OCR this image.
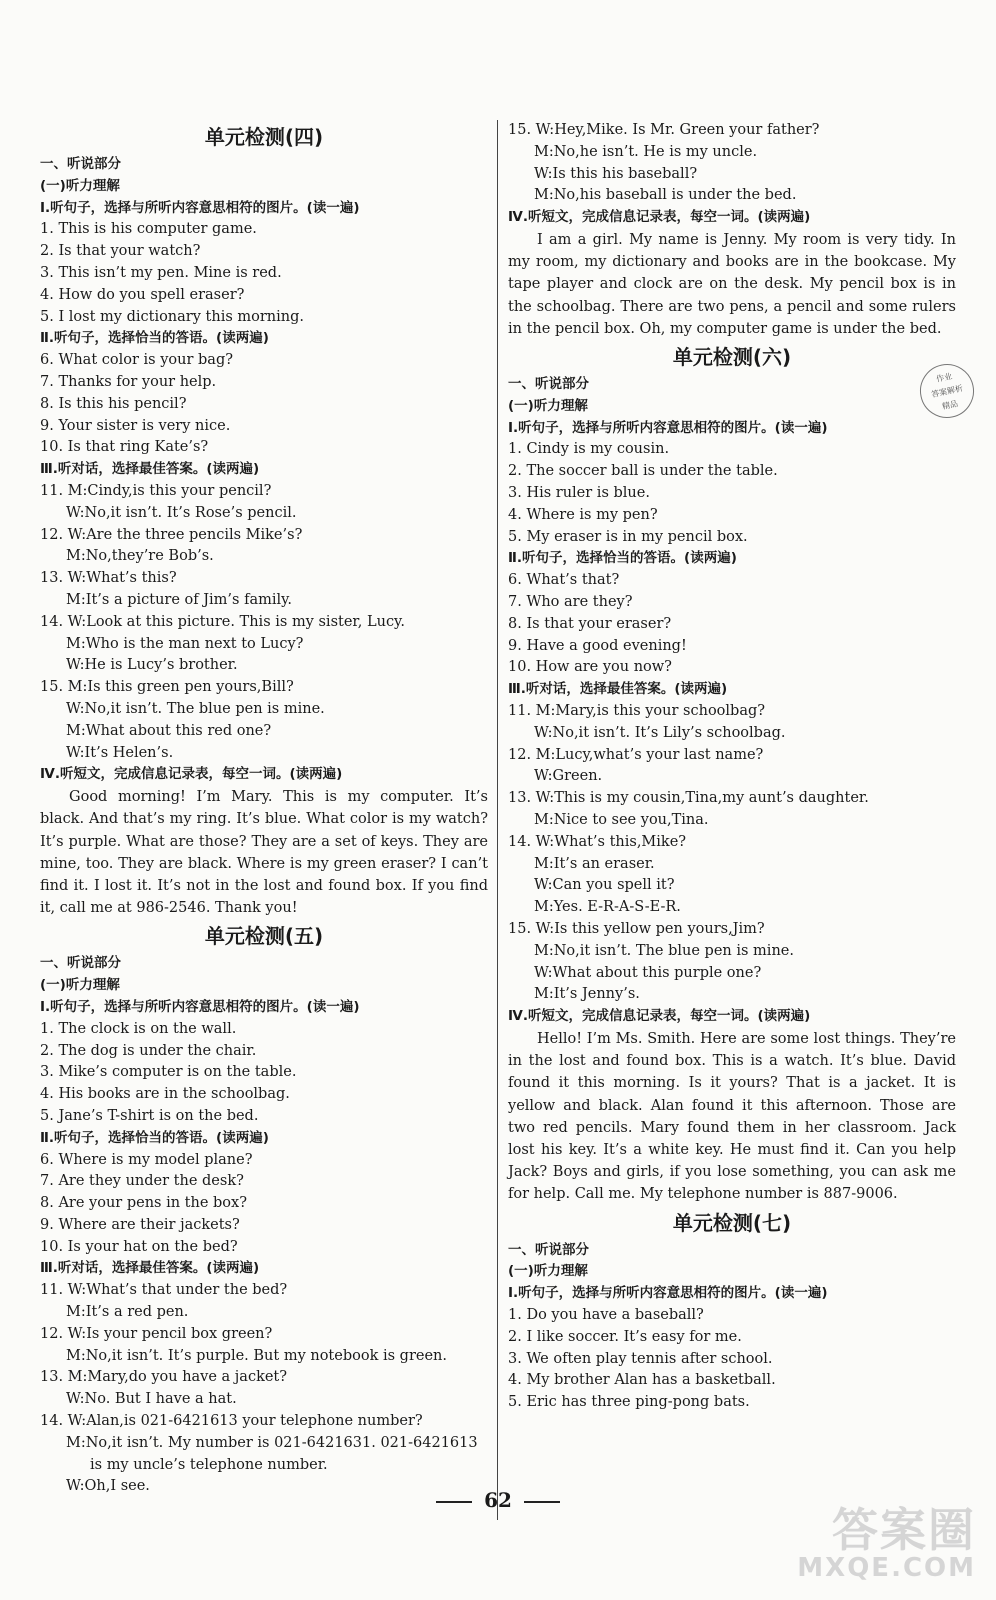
单元检测(四)
一、听说部分
(一)听力理解
Ⅰ.听句子，选择与所听内容意思相符的图片。(读一遍)
1. This is his computer game.
2. Is that your watch?
3. This isn’t my pen. Mine is red.
4. How do you spell eraser?
5. I lost my dictionary this morning.
Ⅱ.听句子，选择恰当的答语。(读两遍)
6. What color is your bag?
7. Thanks for your help.
8. Is this his pencil?
9. Your sister is very nice.
10. Is that ring Kate’s?
Ⅲ.听对话，选择最佳答案。(读两遍)
11. M:Cindy,is this your pencil?
W:No,it isn’t. It’s Rose’s pencil.
12. W:Are the three pencils Mike’s?
M:No,they’re Bob’s.
13. W:What’s this?
M:It’s a picture of Jim’s family.
14. W:Look at this picture. This is my sister, Lucy.
M:Who is the man next to Lucy?
W:He is Lucy’s brother.
15. M:Is this green pen yours,Bill?
W:No,it isn’t. The blue pen is mine.
M:What about this red one?
W:It’s Helen’s.
Ⅳ.听短文，完成信息记录表，每空一词。(读两遍)
Good morning! I’m Mary. This is my computer. It’s black. And that’s my ring. It’s blue. What color is my watch? It’s purple. What are those? They are a set of keys. They are mine, too. They are black. Where is my green eraser? I can’t find it. I lost it. It’s not in the lost and found box. If you find it, call me at 986-2546. Thank you!
单元检测(五)
一、听说部分
(一)听力理解
Ⅰ.听句子，选择与所听内容意思相符的图片。(读一遍)
1. The clock is on the wall.
2. The dog is under the chair.
3. Mike’s computer is on the table.
4. His books are in the schoolbag.
5. Jane’s T-shirt is on the bed.
Ⅱ.听句子，选择恰当的答语。(读两遍)
6. Where is my model plane?
7. Are they under the desk?
8. Are your pens in the box?
9. Where are their jackets?
10. Is your hat on the bed?
Ⅲ.听对话，选择最佳答案。(读两遍)
11. W:What’s that under the bed?
M:It’s a red pen.
12. W:Is your pencil box green?
M:No,it isn’t. It’s purple. But my notebook is green.
13. M:Mary,do you have a jacket?
W:No. But I have a hat.
14. W:Alan,is 021-6421613 your telephone number?
M:No,it isn’t. My number is 021-6421631. 021-6421613
is my uncle’s telephone number.
W:Oh,I see.
15. W:Hey,Mike. Is Mr. Green your father?
M:No,he isn’t. He is my uncle.
W:Is this his baseball?
M:No,his baseball is under the bed.
Ⅳ.听短文，完成信息记录表，每空一词。(读两遍)
I am a girl. My name is Jenny. My room is very tidy. In my room, my dictionary and books are in the bookcase. My tape player and clock are on the desk. My pencil box is in the schoolbag. There are two pens, a pencil and some rulers in the pencil box. Oh, my computer game is under the bed.
单元检测(六)
一、听说部分
(一)听力理解
Ⅰ.听句子，选择与所听内容意思相符的图片。(读一遍)
1. Cindy is my cousin.
2. The soccer ball is under the table.
3. His ruler is blue.
4. Where is my pen?
5. My eraser is in my pencil box.
Ⅱ.听句子，选择恰当的答语。(读两遍)
6. What’s that?
7. Who are they?
8. Is that your eraser?
9. Have a good evening!
10. How are you now?
Ⅲ.听对话，选择最佳答案。(读两遍)
11. M:Mary,is this your schoolbag?
W:No,it isn’t. It’s Lily’s schoolbag.
12. M:Lucy,what’s your last name?
W:Green.
13. W:This is my cousin,Tina,my aunt’s daughter.
M:Nice to see you,Tina.
14. W:What’s this,Mike?
M:It’s an eraser.
W:Can you spell it?
M:Yes. E-R-A-S-E-R.
15. W:Is this yellow pen yours,Jim?
M:No,it isn’t. The blue pen is mine.
W:What about this purple one?
M:It’s Jenny’s.
Ⅳ.听短文，完成信息记录表，每空一词。(读两遍)
Hello! I’m Ms. Smith. Here are some lost things. They’re in the lost and found box. This is a watch. It’s blue. David found it this morning. Is it yours? That is a jacket. It is yellow and black. Alan found it this afternoon. Those are two red pencils. Mary found them in her classroom. Jack lost his key. It’s a white key. He must find it. Can you help Jack? Boys and girls, if you lose something, you can ask me for help. Call me. My telephone number is 887-9006.
单元检测(七)
一、听说部分
(一)听力理解
Ⅰ.听句子，选择与所听内容意思相符的图片。(读一遍)
1. Do you have a baseball?
2. I like soccer. It’s easy for me.
3. We often play tennis after school.
4. My brother Alan has a basketball.
5. Eric has three ping-pong bats.
作业
答案解析
精品
62
答案圈
MXQE.COM
